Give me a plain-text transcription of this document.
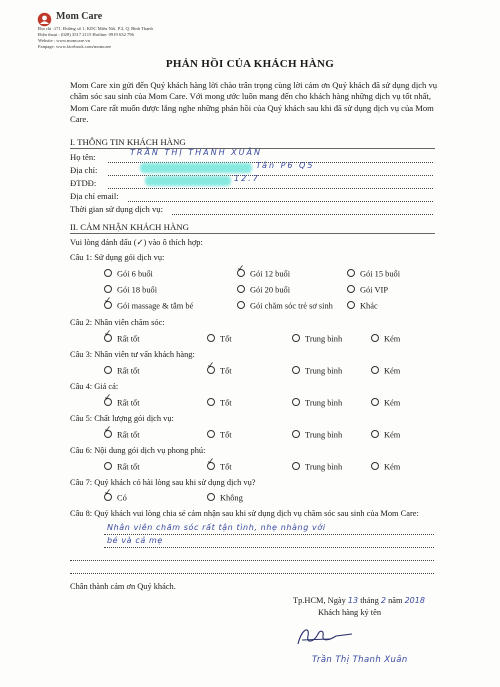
Mom Care
Địa chỉ :171. Đường số 1, KDC Miếu Nổi, P.3, Q. Bình Thạnh
Điện thoại : (028) 3517 2115 Hotline: 0919 632 796
Website : www.momcare.vn
Fanpage: www.facebook.com/momcare
PHẢN HỒI CỦA KHÁCH HÀNG
Mom Care xin gửi đến Quý khách hàng lời chào trân trọng cùng lời cảm ơn Quý khách đã sử dụng dịch vụ chăm sóc sau sinh của Mom Care. Với mong ước luôn mang đến cho khách hàng những dịch vụ tốt nhất, Mom Care rất muốn được lắng nghe những phản hồi của Quý khách sau khi đã sử dụng dịch vụ của Mom Care.
I. THÔNG TIN KHÁCH HÀNG
Họ tên:	TRẦN THỊ THANH XUÂN
Địa chỉ:	Tân P6 Q5
ĐTDĐ:	12.7
Địa chỉ email:
Thời gian sử dụng dịch vụ:
II. CẢM NHẬN KHÁCH HÀNG
Vui lòng đánh dấu (✓) vào ô thích hợp:
Câu 1: Sử dụng gói dịch vụ:
Gói 6 buổi ✓	Gói 12 buổi	Gói 15 buổi
Gói 18 buổi	Gói 20 buổi	Gói VIP
✓Gói massage & tắm bé	Gói chăm sóc trẻ sơ sinh	Khác
Câu 2: Nhân viên chăm sóc:
✓Rất tốt	Tốt	Trung bình	Kém
Câu 3: Nhân viên tư vấn khách hàng:
Rất tốt ✓	Tốt	Trung bình	Kém
Câu 4: Giá cả:
✓Rất tốt	Tốt	Trung bình	Kém
Câu 5: Chất lượng gói dịch vụ:
✓Rất tốt	Tốt	Trung bình	Kém
Câu 6: Nội dung gói dịch vụ phong phú:
Rất tốt ✓	Tốt	Trung bình	Kém
Câu 7: Quý khách có hài lòng sau khi sử dụng dịch vụ?
✓Có	Không
Câu 8: Quý khách vui lòng chia sẻ cảm nhận sau khi sử dụng dịch vụ chăm sóc sau sinh của Mom Care:
Nhân viên chăm sóc rất tận tình, nhẹ nhàng với
bé và cả mẹ
Chân thành cảm ơn Quý khách.
Tp.HCM, Ngày 13 tháng 2 năm 2018
Khách hàng ký tên
Trần Thị Thanh Xuân
